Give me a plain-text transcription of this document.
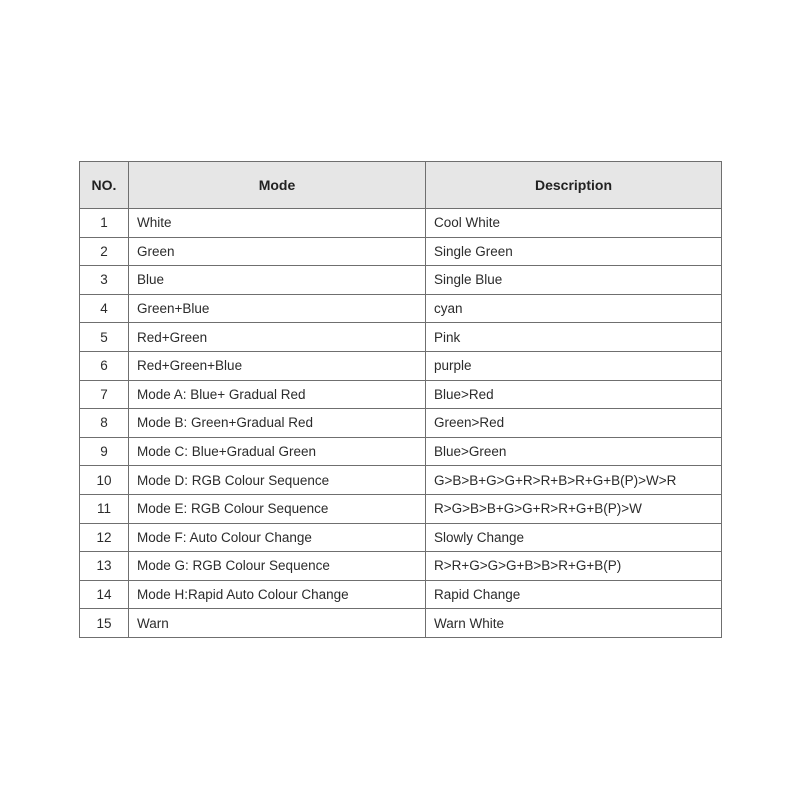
NO.	Mode	Description
1	White	Cool White
2	Green	Single Green
3	Blue	Single Blue
4	Green+Blue	cyan
5	Red+Green	Pink
6	Red+Green+Blue	purple
7	Mode A: Blue+ Gradual Red	Blue>Red
8	Mode B: Green+Gradual Red	Green>Red
9	Mode C: Blue+Gradual Green	Blue>Green
10	Mode D: RGB Colour Sequence	G>B>B+G>G+R>R+B>R+G+B(P)>W>R
11	Mode E: RGB Colour Sequence	R>G>B>B+G>G+R>R+G+B(P)>W
12	Mode F: Auto Colour Change	Slowly Change
13	Mode G: RGB Colour Sequence	R>R+G>G>G+B>B>R+G+B(P)
14	Mode H:Rapid Auto Colour Change	Rapid Change
15	Warn	Warn White
